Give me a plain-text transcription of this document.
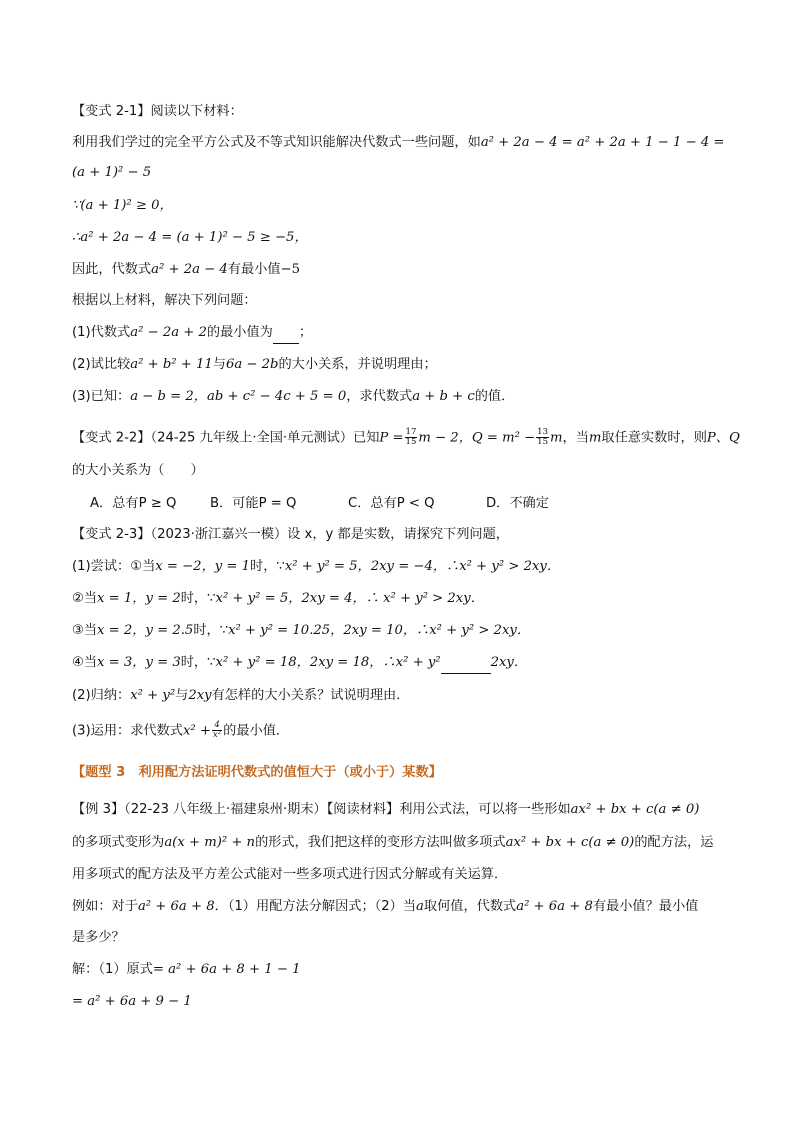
【变式 2-1】阅读以下材料：
利用我们学过的完全平方公式及不等式知识能解决代数式一些问题，如a² + 2a − 4 = a² + 2a + 1 − 1 − 4 =
(a + 1)² − 5
∵(a + 1)² ≥ 0，
∴a² + 2a − 4 = (a + 1)² − 5 ≥ −5，
因此，代数式a² + 2a − 4有最小值−5
根据以上材料，解决下列问题：
(1)代数式a² − 2a + 2的最小值为 ；
(2)试比较a² + b² + 11与6a − 2b的大小关系，并说明理由；
(3)已知：a − b = 2，ab + c² − 4c + 5 = 0，求代数式a + b + c的值．
【变式 2-2】（24-25 九年级上·全国·单元测试）已知$P = \frac{17}{15}$ m − 2，$Q = m^2 - \frac{13}{15}$ m，当m取任意实数时，则P、Q
的大小关系为（　　）
A．总有P ≥ Q	B．可能P = Q	C．总有P < Q	D．不确定
【变式 2-3】（2023·浙江嘉兴一模）设 x，y 都是实数，请探究下列问题，
(1)尝试：①当x = −2，y = 1时，∵x² + y² = 5，2xy = −4，∴x² + y² > 2xy．
②当x = 1，y = 2时，∵x² + y² = 5，2xy = 4，∴ x² + y² > 2xy．
③当x = 2，y = 2.5时，∵x² + y² = 10.25，2xy = 10，∴x² + y² > 2xy．
④当x = 3，y = 3时，∵x² + y² = 18，2xy = 18，∴x² + y²	2xy．
(2)归纳：x² + y²与2xy有怎样的大小关系？试说明理由．
(3)运用：求代数式$x^2 + \frac{4}{\text{x²}}$ 的最小值．
【题型 3　利用配方法证明代数式的值恒大于（或小于）某数】
【例 3】（22-23 八年级上·福建泉州·期末）【阅读材料】利用公式法，可以将一些形如ax² + bx + c(a ≠ 0)
的多项式变形为a(x + m)² + n的形式，我们把这样的变形方法叫做多项式ax² + bx + c(a ≠ 0)的配方法，运
用多项式的配方法及平方差公式能对一些多项式进行因式分解或有关运算．
例如：对于a² + 6a + 8．（1）用配方法分解因式；（2）当a取何值，代数式a² + 6a + 8有最小值？最小值
是多少？
解：（1）原式= a² + 6a + 8 + 1 − 1
= a² + 6a + 9 − 1
